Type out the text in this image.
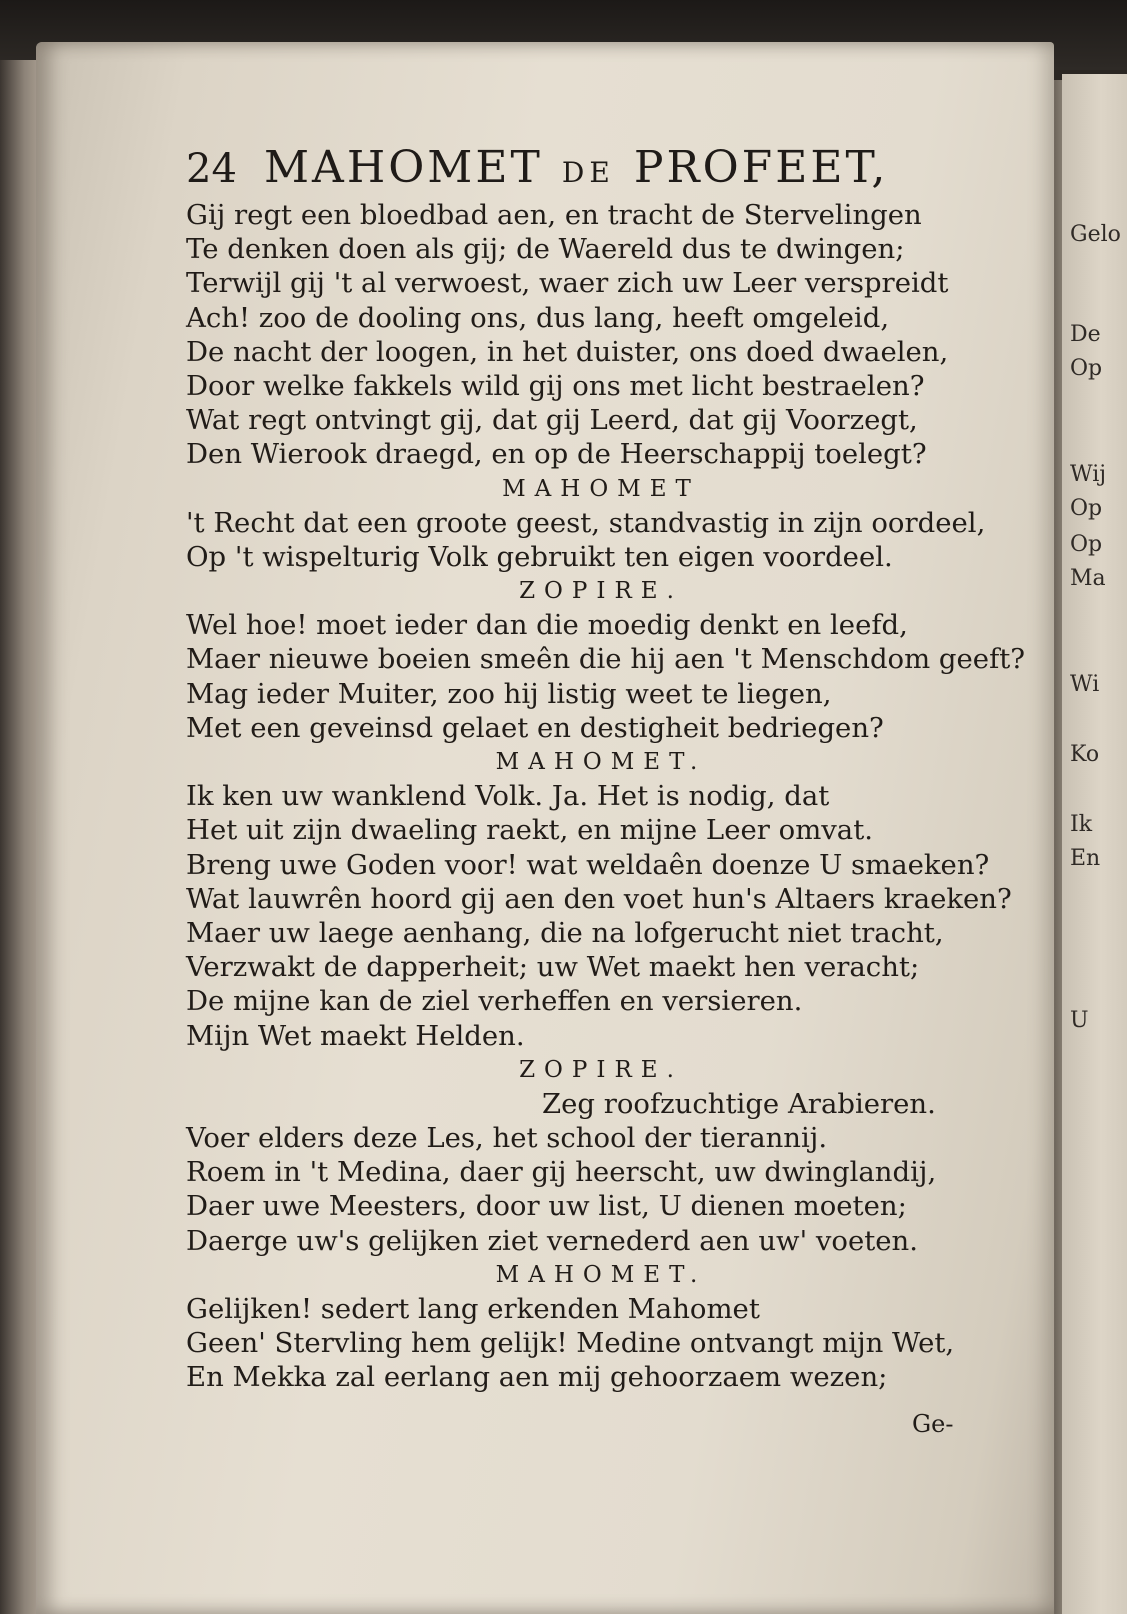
Gelo
De
Op
Wij
Op
Op
Ma
Wi
Ko
Ik
En
U
24 MAHOMET DE PROFEET,
Gij regt een bloedbad aen, en tracht de Stervelingen
Te denken doen als gij; de Waereld dus te dwingen;
Terwijl gij 't al verwoest, waer zich uw Leer verspreidt
Ach! zoo de dooling ons, dus lang, heeft omgeleid,
De nacht der loogen, in het duister, ons doed dwaelen,
Door welke fakkels wild gij ons met licht bestraelen?
Wat regt ontvingt gij, dat gij Leerd, dat gij Voorzegt,
Den Wierook draegd, en op de Heerschappij toelegt?
MAHOMET
't Recht dat een groote geest, standvastig in zijn oordeel,
Op 't wispelturig Volk gebruikt ten eigen voordeel.
ZOPIRE.
Wel hoe! moet ieder dan die moedig denkt en leefd,
Maer nieuwe boeien smeên die hij aen 't Menschdom geeft?
Mag ieder Muiter, zoo hij listig weet te liegen,
Met een geveinsd gelaet en destigheit bedriegen?
MAHOMET.
Ik ken uw wanklend Volk. Ja. Het is nodig, dat
Het uit zijn dwaeling raekt, en mijne Leer omvat.
Breng uwe Goden voor! wat weldaên doenze U smaeken?
Wat lauwrên hoord gij aen den voet hun's Altaers kraeken?
Maer uw laege aenhang, die na lofgerucht niet tracht,
Verzwakt de dapperheit; uw Wet maekt hen veracht;
De mijne kan de ziel verheffen en versieren.
Mijn Wet maekt Helden.
ZOPIRE.
Zeg roofzuchtige Arabieren.
Voer elders deze Les, het school der tierannij.
Roem in 't Medina, daer gij heerscht, uw dwinglandij,
Daer uwe Meesters, door uw list, U dienen moeten;
Daerge uw's gelijken ziet vernederd aen uw' voeten.
MAHOMET.
Gelijken! sedert lang erkenden Mahomet
Geen' Stervling hem gelijk! Medine ontvangt mijn Wet,
En Mekka zal eerlang aen mij gehoorzaem wezen;
Ge-
